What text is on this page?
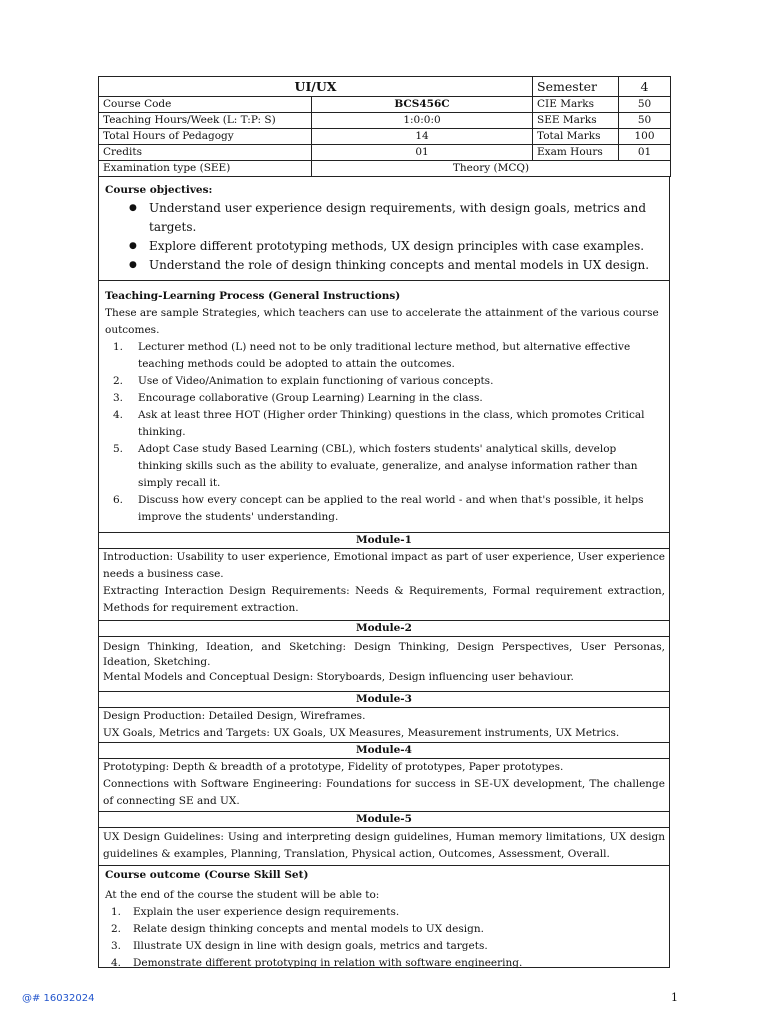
UI/UX		Semester	4
Course Code	BCS456C	CIE Marks	50
Teaching Hours/Week (L: T:P: S)	1:0:0:0	SEE Marks	50
Total Hours of Pedagogy	14	Total Marks	100
Credits	01	Exam Hours	01
Examination type (SEE)	Theory (MCQ)		
Course objectives:
● Understand user experience design requirements, with design goals, metrics and targets.
● Explore different prototyping methods, UX design principles with case examples.
● Understand the role of design thinking concepts and mental models in UX design.
Teaching-Learning Process (General Instructions)
These are sample Strategies, which teachers can use to accelerate the attainment of the various course outcomes.
1. Lecturer method (L) need not to be only traditional lecture method, but alternative effective teaching methods could be adopted to attain the outcomes.
2. Use of Video/Animation to explain functioning of various concepts.
3. Encourage collaborative (Group Learning) Learning in the class.
4. Ask at least three HOT (Higher order Thinking) questions in the class, which promotes Critical thinking.
5. Adopt Case study Based Learning (CBL), which fosters students' analytical skills, develop thinking skills such as the ability to evaluate, generalize, and analyse information rather than simply recall it.
6. Discuss how every concept can be applied to the real world - and when that's possible, it helps improve the students' understanding.
Module-1
Introduction: Usability to user experience, Emotional impact as part of user experience, User experience needs a business case.
Extracting Interaction Design Requirements: Needs & Requirements, Formal requirement extraction, Methods for requirement extraction.
Module-2
Design Thinking, Ideation, and Sketching: Design Thinking, Design Perspectives, User Personas, Ideation, Sketching.
Mental Models and Conceptual Design: Storyboards, Design influencing user behaviour.
Module-3
Design Production: Detailed Design, Wireframes.
UX Goals, Metrics and Targets: UX Goals, UX Measures, Measurement instruments, UX Metrics.
Module-4
Prototyping: Depth & breadth of a prototype, Fidelity of prototypes, Paper prototypes.
Connections with Software Engineering: Foundations for success in SE-UX development, The challenge of connecting SE and UX.
Module-5
UX Design Guidelines: Using and interpreting design guidelines, Human memory limitations, UX design guidelines & examples, Planning, Translation, Physical action, Outcomes, Assessment, Overall.
Course outcome (Course Skill Set)
At the end of the course the student will be able to:
1. Explain the user experience design requirements.
2. Relate design thinking concepts and mental models to UX design.
3. Illustrate UX design in line with design goals, metrics and targets.
4. Demonstrate different prototyping in relation with software engineering.
@# 16032024	1
